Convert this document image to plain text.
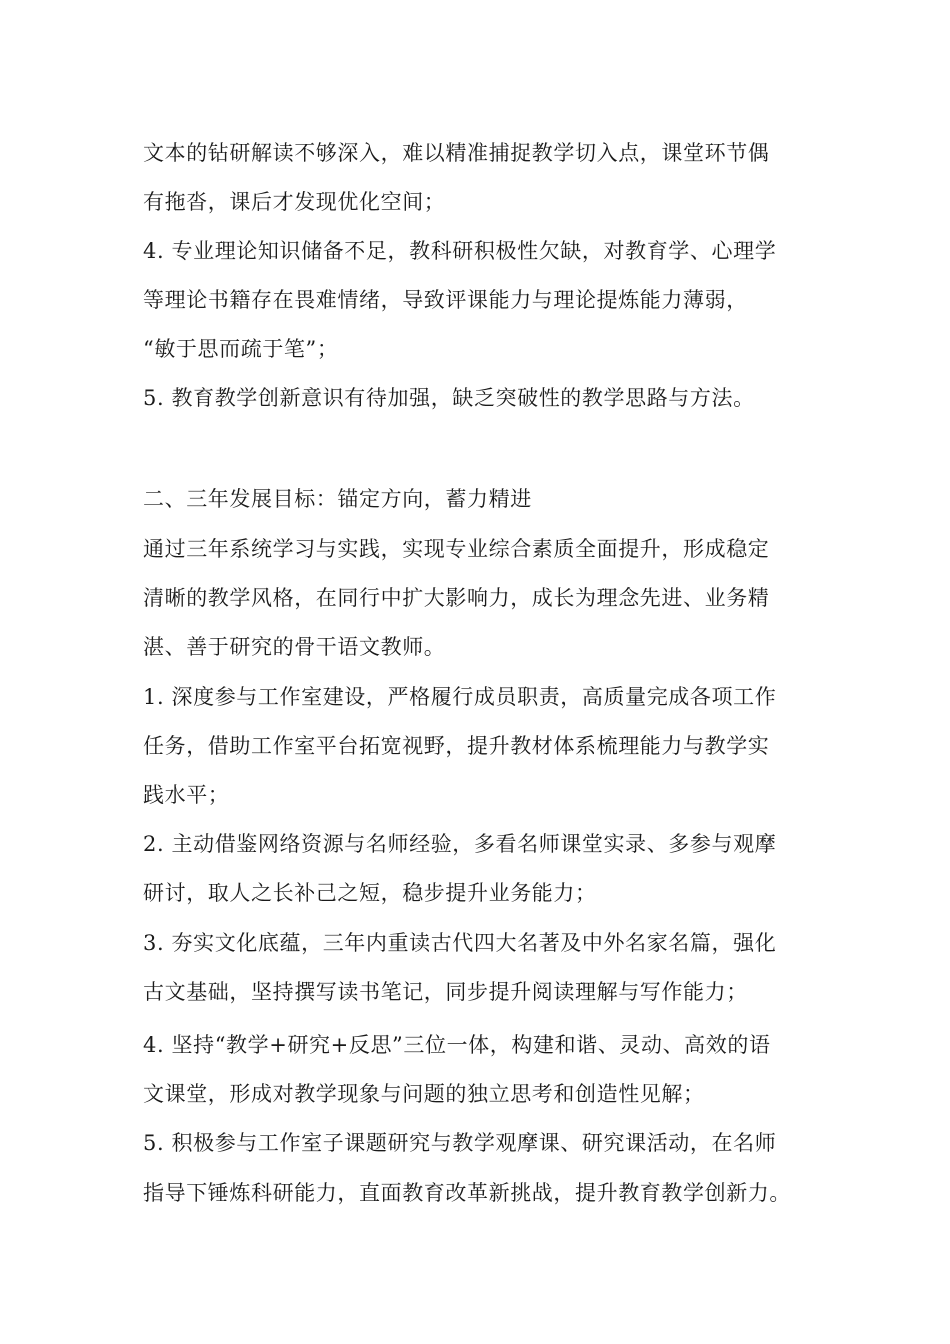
文本的钻研解读不够深入，难以精准捕捉教学切入点，课堂环节偶
有拖沓，课后才发现优化空间；
4. 专业理论知识储备不足，教科研积极性欠缺，对教育学、心理学
等理论书籍存在畏难情绪，导致评课能力与理论提炼能力薄弱，
“敏于思而疏于笔”；
5. 教育教学创新意识有待加强，缺乏突破性的教学思路与方法。
二、三年发展目标：锚定方向，蓄力精进
通过三年系统学习与实践，实现专业综合素质全面提升，形成稳定
清晰的教学风格，在同行中扩大影响力，成长为理念先进、业务精
湛、善于研究的骨干语文教师。
1. 深度参与工作室建设，严格履行成员职责，高质量完成各项工作
任务，借助工作室平台拓宽视野，提升教材体系梳理能力与教学实
践水平；
2. 主动借鉴网络资源与名师经验，多看名师课堂实录、多参与观摩
研讨，取人之长补己之短，稳步提升业务能力；
3. 夯实文化底蕴，三年内重读古代四大名著及中外名家名篇，强化
古文基础，坚持撰写读书笔记，同步提升阅读理解与写作能力；
4. 坚持“教学+研究+反思”三位一体，构建和谐、灵动、高效的语
文课堂，形成对教学现象与问题的独立思考和创造性见解；
5. 积极参与工作室子课题研究与教学观摩课、研究课活动，在名师
指导下锤炼科研能力，直面教育改革新挑战，提升教育教学创新力。
